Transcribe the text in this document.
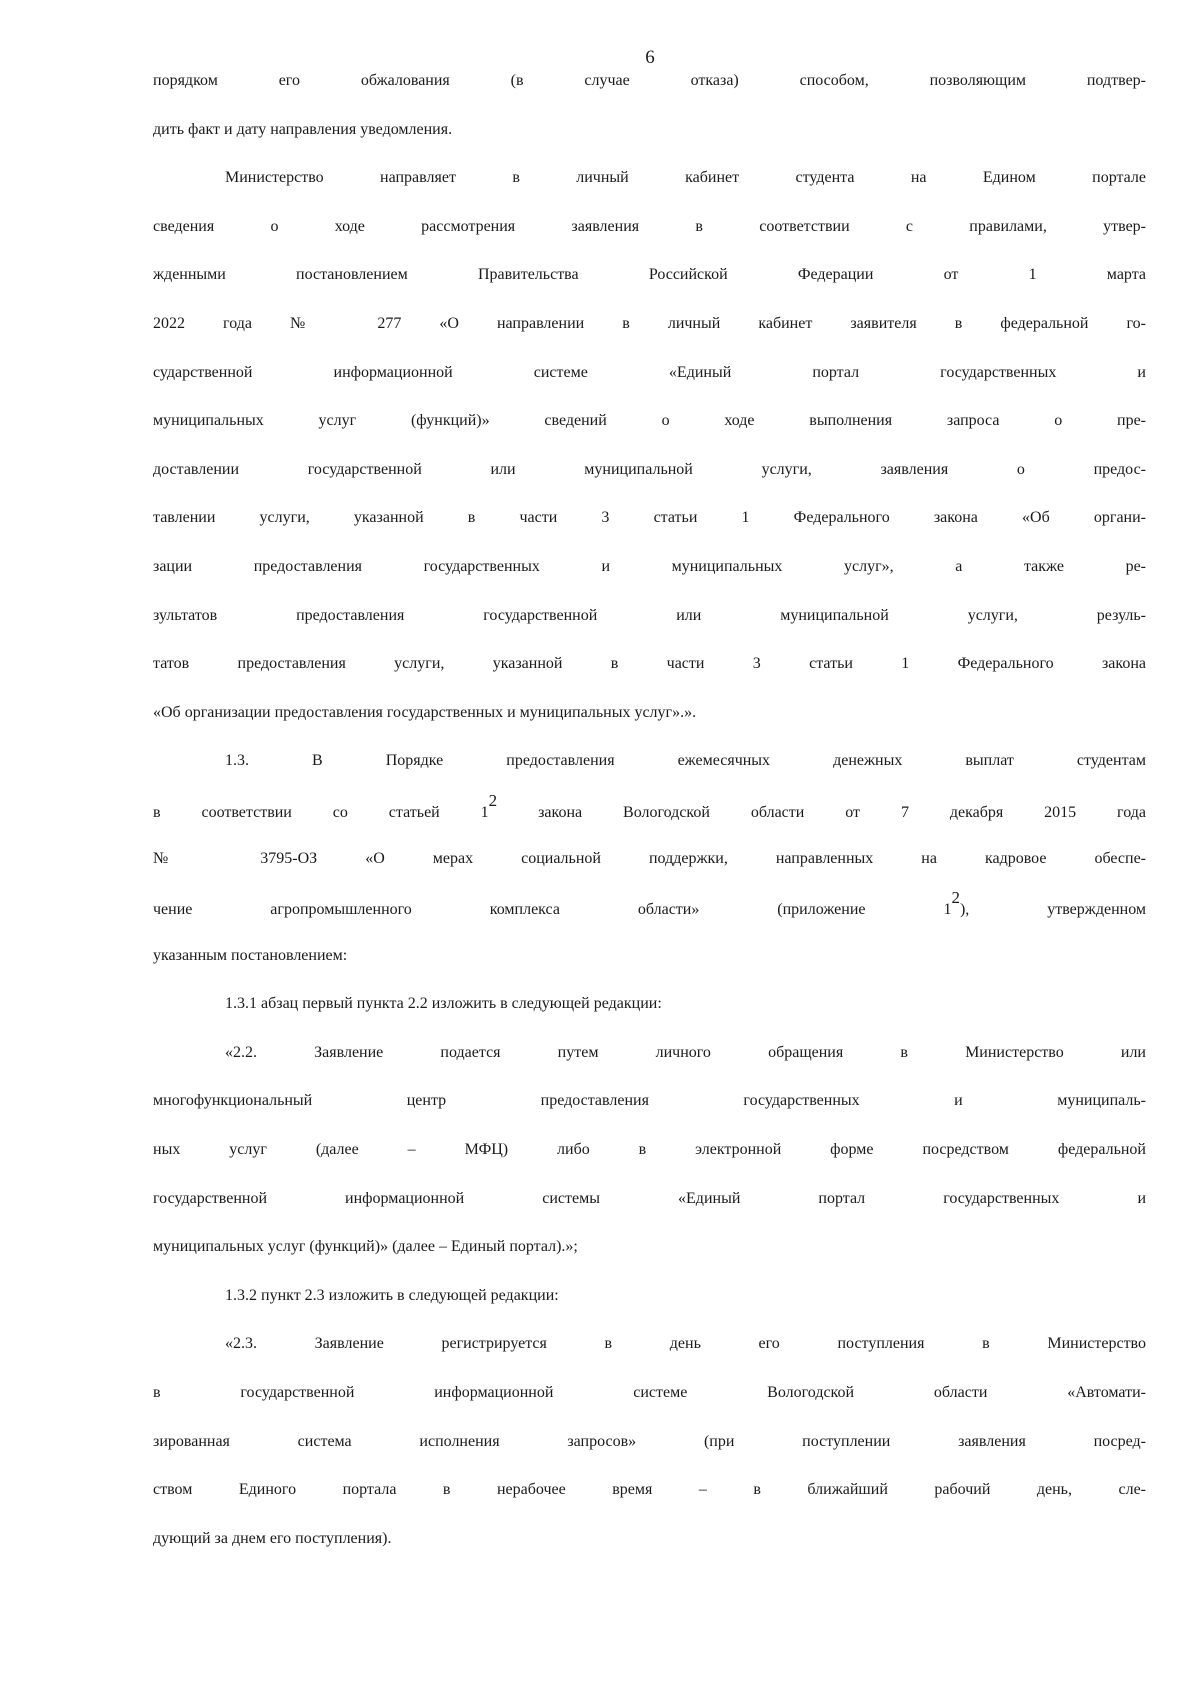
6
порядком его обжалования (в случае отказа) способом, позволяющим подтвер-
дить факт и дату направления уведомления.
Министерство направляет в личный кабинет студента на Едином портале
сведения о ходе рассмотрения заявления в соответствии с правилами, утвер-
жденными постановлением Правительства Российской Федерации от 1 марта
2022 года № 277 «О направлении в личный кабинет заявителя в федеральной го-
сударственной информационной системе «Единый портал государственных и
муниципальных услуг (функций)» сведений о ходе выполнения запроса о пре-
доставлении государственной или муниципальной услуги, заявления о предос-
тавлении услуги, указанной в части 3 статьи 1 Федерального закона «Об органи-
зации предоставления государственных и муниципальных услуг», а также ре-
зультатов предоставления государственной или муниципальной услуги, резуль-
татов предоставления услуги, указанной в части 3 статьи 1 Федерального закона
«Об организации предоставления государственных и муниципальных услуг».».
1.3. В Порядке предоставления ежемесячных денежных выплат студентам
в соответствии со статьей $1^2$ закона Вологодской области от 7 декабря 2015 года
№ 3795-ОЗ «О мерах социальной поддержки, направленных на кадровое обеспе-
чение агропромышленного комплекса области» (приложение $1^2$), утвержденном
указанным постановлением:
1.3.1 абзац первый пункта 2.2 изложить в следующей редакции:
«2.2. Заявление подается путем личного обращения в Министерство или
многофункциональный центр предоставления государственных и муниципаль-
ных услуг (далее – МФЦ) либо в электронной форме посредством федеральной
государственной информационной системы «Единый портал государственных и
муниципальных услуг (функций)» (далее – Единый портал).»;
1.3.2 пункт 2.3 изложить в следующей редакции:
«2.3. Заявление регистрируется в день его поступления в Министерство
в государственной информационной системе Вологодской области «Автомати-
зированная система исполнения запросов» (при поступлении заявления посред-
ством Единого портала в нерабочее время – в ближайший рабочий день, сле-
дующий за днем его поступления).
